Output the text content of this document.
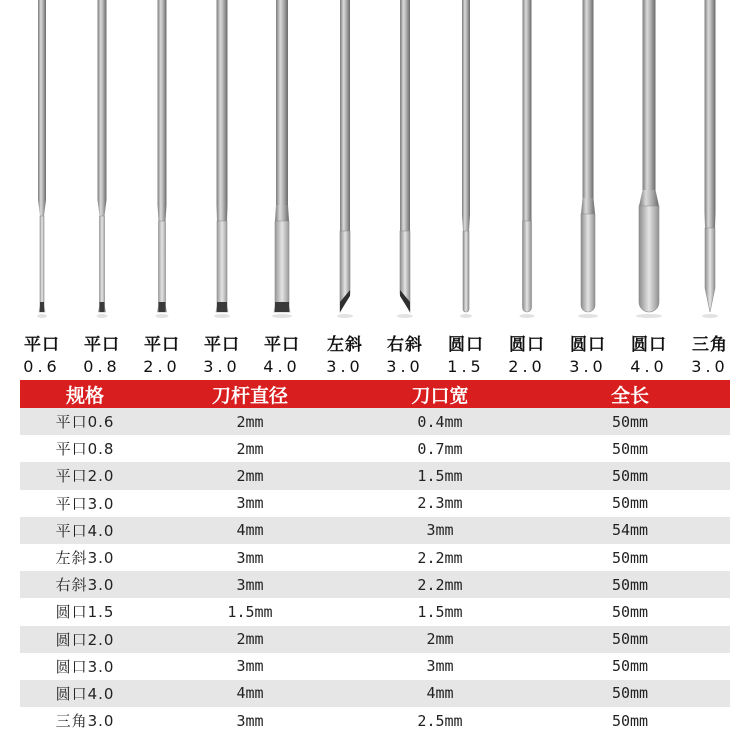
平口
0.6
平口
0.8
平口
2.0
平口
3.0
平口
4.0
左斜
3.0
右斜
3.0
圆口
1.5
圆口
2.0
圆口
3.0
圆口
4.0
三角
3.0
规格	刀杆直径	刀口宽	全长
平口0.6	2mm	0.4mm	50mm
平口0.8	2mm	0.7mm	50mm
平口2.0	2mm	1.5mm	50mm
平口3.0	3mm	2.3mm	50mm
平口4.0	4mm	3mm	54mm
左斜3.0	3mm	2.2mm	50mm
右斜3.0	3mm	2.2mm	50mm
圆口1.5	1.5mm	1.5mm	50mm
圆口2.0	2mm	2mm	50mm
圆口3.0	3mm	3mm	50mm
圆口4.0	4mm	4mm	50mm
三角3.0	3mm	2.5mm	50mm
